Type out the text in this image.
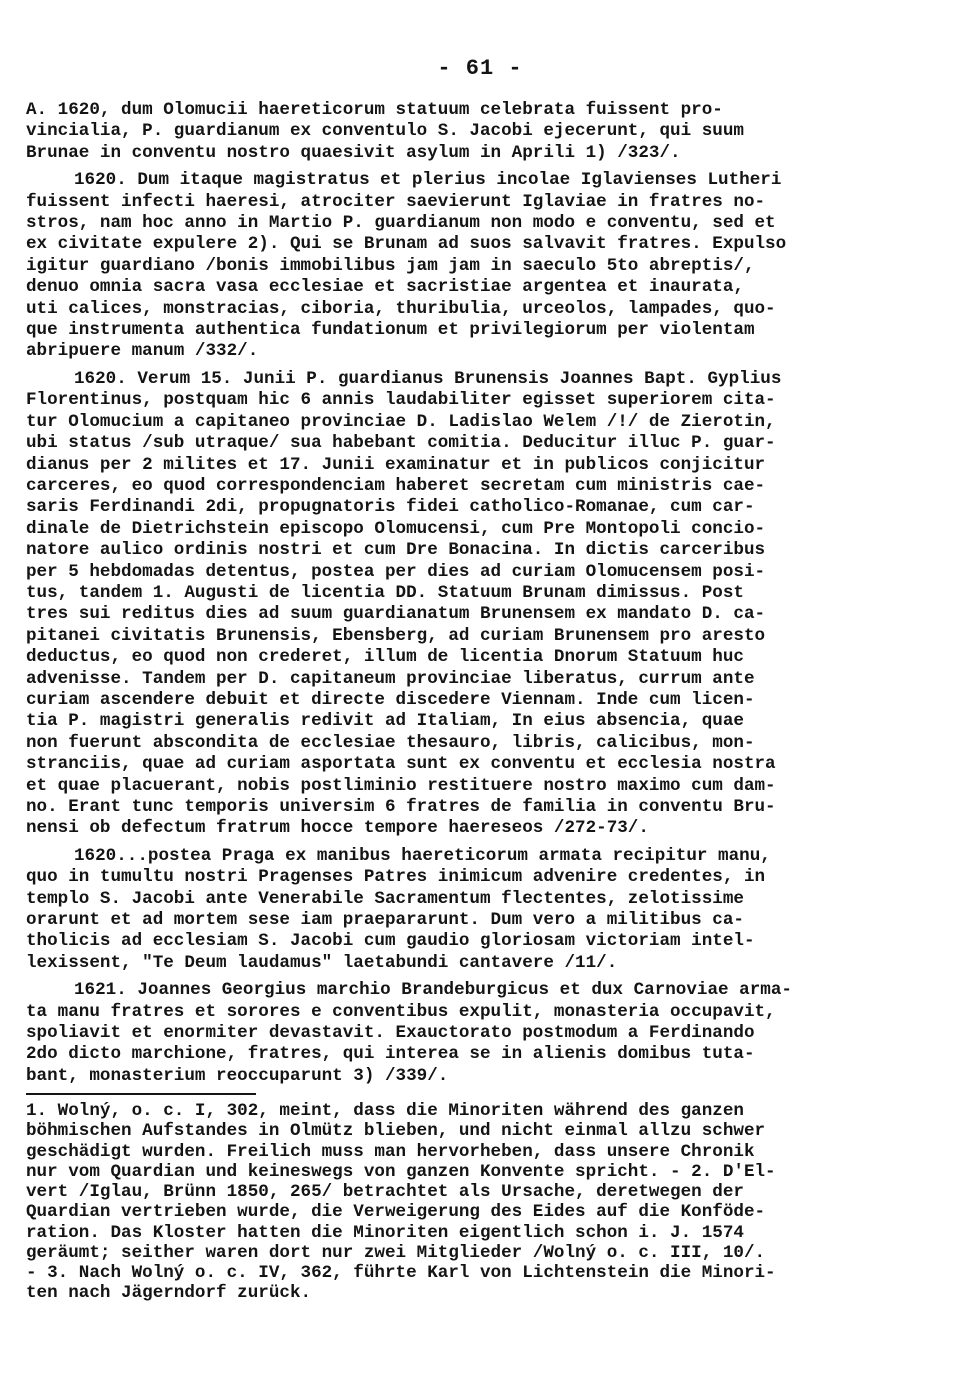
- 61 -
A. 1620, dum Olomucii haereticorum statuum celebrata fuissent pro-
vincialia, P. guardianum ex conventulo S. Jacobi ejecerunt, qui suum
Brunae in conventu nostro quaesivit asylum in Aprili 1) /323/.
1620. Dum itaque magistratus et plerius incolae Iglavienses Lutheri
fuissent infecti haeresi, atrociter saevierunt Iglaviae in fratres no-
stros, nam hoc anno in Martio P. guardianum non modo e conventu, sed et
ex civitate expulere 2). Qui se Brunam ad suos salvavit fratres. Expulso
igitur guardiano /bonis immobilibus jam jam in saeculo 5to abreptis/,
denuo omnia sacra vasa ecclesiae et sacristiae argentea et inaurata,
uti calices, monstracias, ciboria, thuribulia, urceolos, lampades, quo-
que instrumenta authentica fundationum et privilegiorum per violentam
abripuere manum /332/.
1620. Verum 15. Junii P. guardianus Brunensis Joannes Bapt. Gyplius
Florentinus, postquam hic 6 annis laudabiliter egisset superiorem cita-
tur Olomucium a capitaneo provinciae D. Ladislao Welem /!/ de Zierotin,
ubi status /sub utraque/ sua habebant comitia. Deducitur illuc P. guar-
dianus per 2 milites et 17. Junii examinatur et in publicos conjicitur
carceres, eo quod correspondenciam haberet secretam cum ministris cae-
saris Ferdinandi 2di, propugnatoris fidei catholico-Romanae, cum car-
dinale de Dietrichstein episcopo Olomucensi, cum Pre Montopoli concio-
natore aulico ordinis nostri et cum Dre Bonacina. In dictis carceribus
per 5 hebdomadas detentus, postea per dies ad curiam Olomucensem posi-
tus, tandem 1. Augusti de licentia DD. Statuum Brunam dimissus. Post
tres sui reditus dies ad suum guardianatum Brunensem ex mandato D. ca-
pitanei civitatis Brunensis, Ebensberg, ad curiam Brunensem pro aresto
deductus, eo quod non crederet, illum de licentia Dnorum Statuum huc
advenisse. Tandem per D. capitaneum provinciae liberatus, currum ante
curiam ascendere debuit et directe discedere Viennam. Inde cum licen-
tia P. magistri generalis redivit ad Italiam, In eius absencia, quae
non fuerunt abscondita de ecclesiae thesauro, libris, calicibus, mon-
stranciis, quae ad curiam asportata sunt ex conventu et ecclesia nostra
et quae placuerant, nobis postliminio restituere nostro maximo cum dam-
no. Erant tunc temporis universim 6 fratres de familia in conventu Bru-
nensi ob defectum fratrum hocce tempore haereseos /272-73/.
1620...postea Praga ex manibus haereticorum armata recipitur manu,
quo in tumultu nostri Pragenses Patres inimicum advenire credentes, in
templo S. Jacobi ante Venerabile Sacramentum flectentes, zelotissime
orarunt et ad mortem sese iam praepararunt. Dum vero a militibus ca-
tholicis ad ecclesiam S. Jacobi cum gaudio gloriosam victoriam intel-
lexissent, "Te Deum laudamus" laetabundi cantavere /11/.
1621. Joannes Georgius marchio Brandeburgicus et dux Carnoviae arma-
ta manu fratres et sorores e conventibus expulit, monasteria occupavit,
spoliavit et enormiter devastavit. Exauctorato postmodum a Ferdinando
2do dicto marchione, fratres, qui interea se in alienis domibus tuta-
bant, monasterium reoccuparunt 3) /339/.
1. Wolný, o. c. I, 302, meint, dass die Minoriten während des ganzen
böhmischen Aufstandes in Olmütz blieben, und nicht einmal allzu schwer
geschädigt wurden. Freilich muss man hervorheben, dass unsere Chronik
nur vom Quardian und keineswegs von ganzen Konvente spricht. - 2. D'El-
vert /Iglau, Brünn 1850, 265/ betrachtet als Ursache, deretwegen der
Quardian vertrieben wurde, die Verweigerung des Eides auf die Konföde-
ration. Das Kloster hatten die Minoriten eigentlich schon i. J. 1574
geräumt; seither waren dort nur zwei Mitglieder /Wolný o. c. III, 10/.
- 3. Nach Wolný o. c. IV, 362, führte Karl von Lichtenstein die Minori-
ten nach Jägerndorf zurück.
